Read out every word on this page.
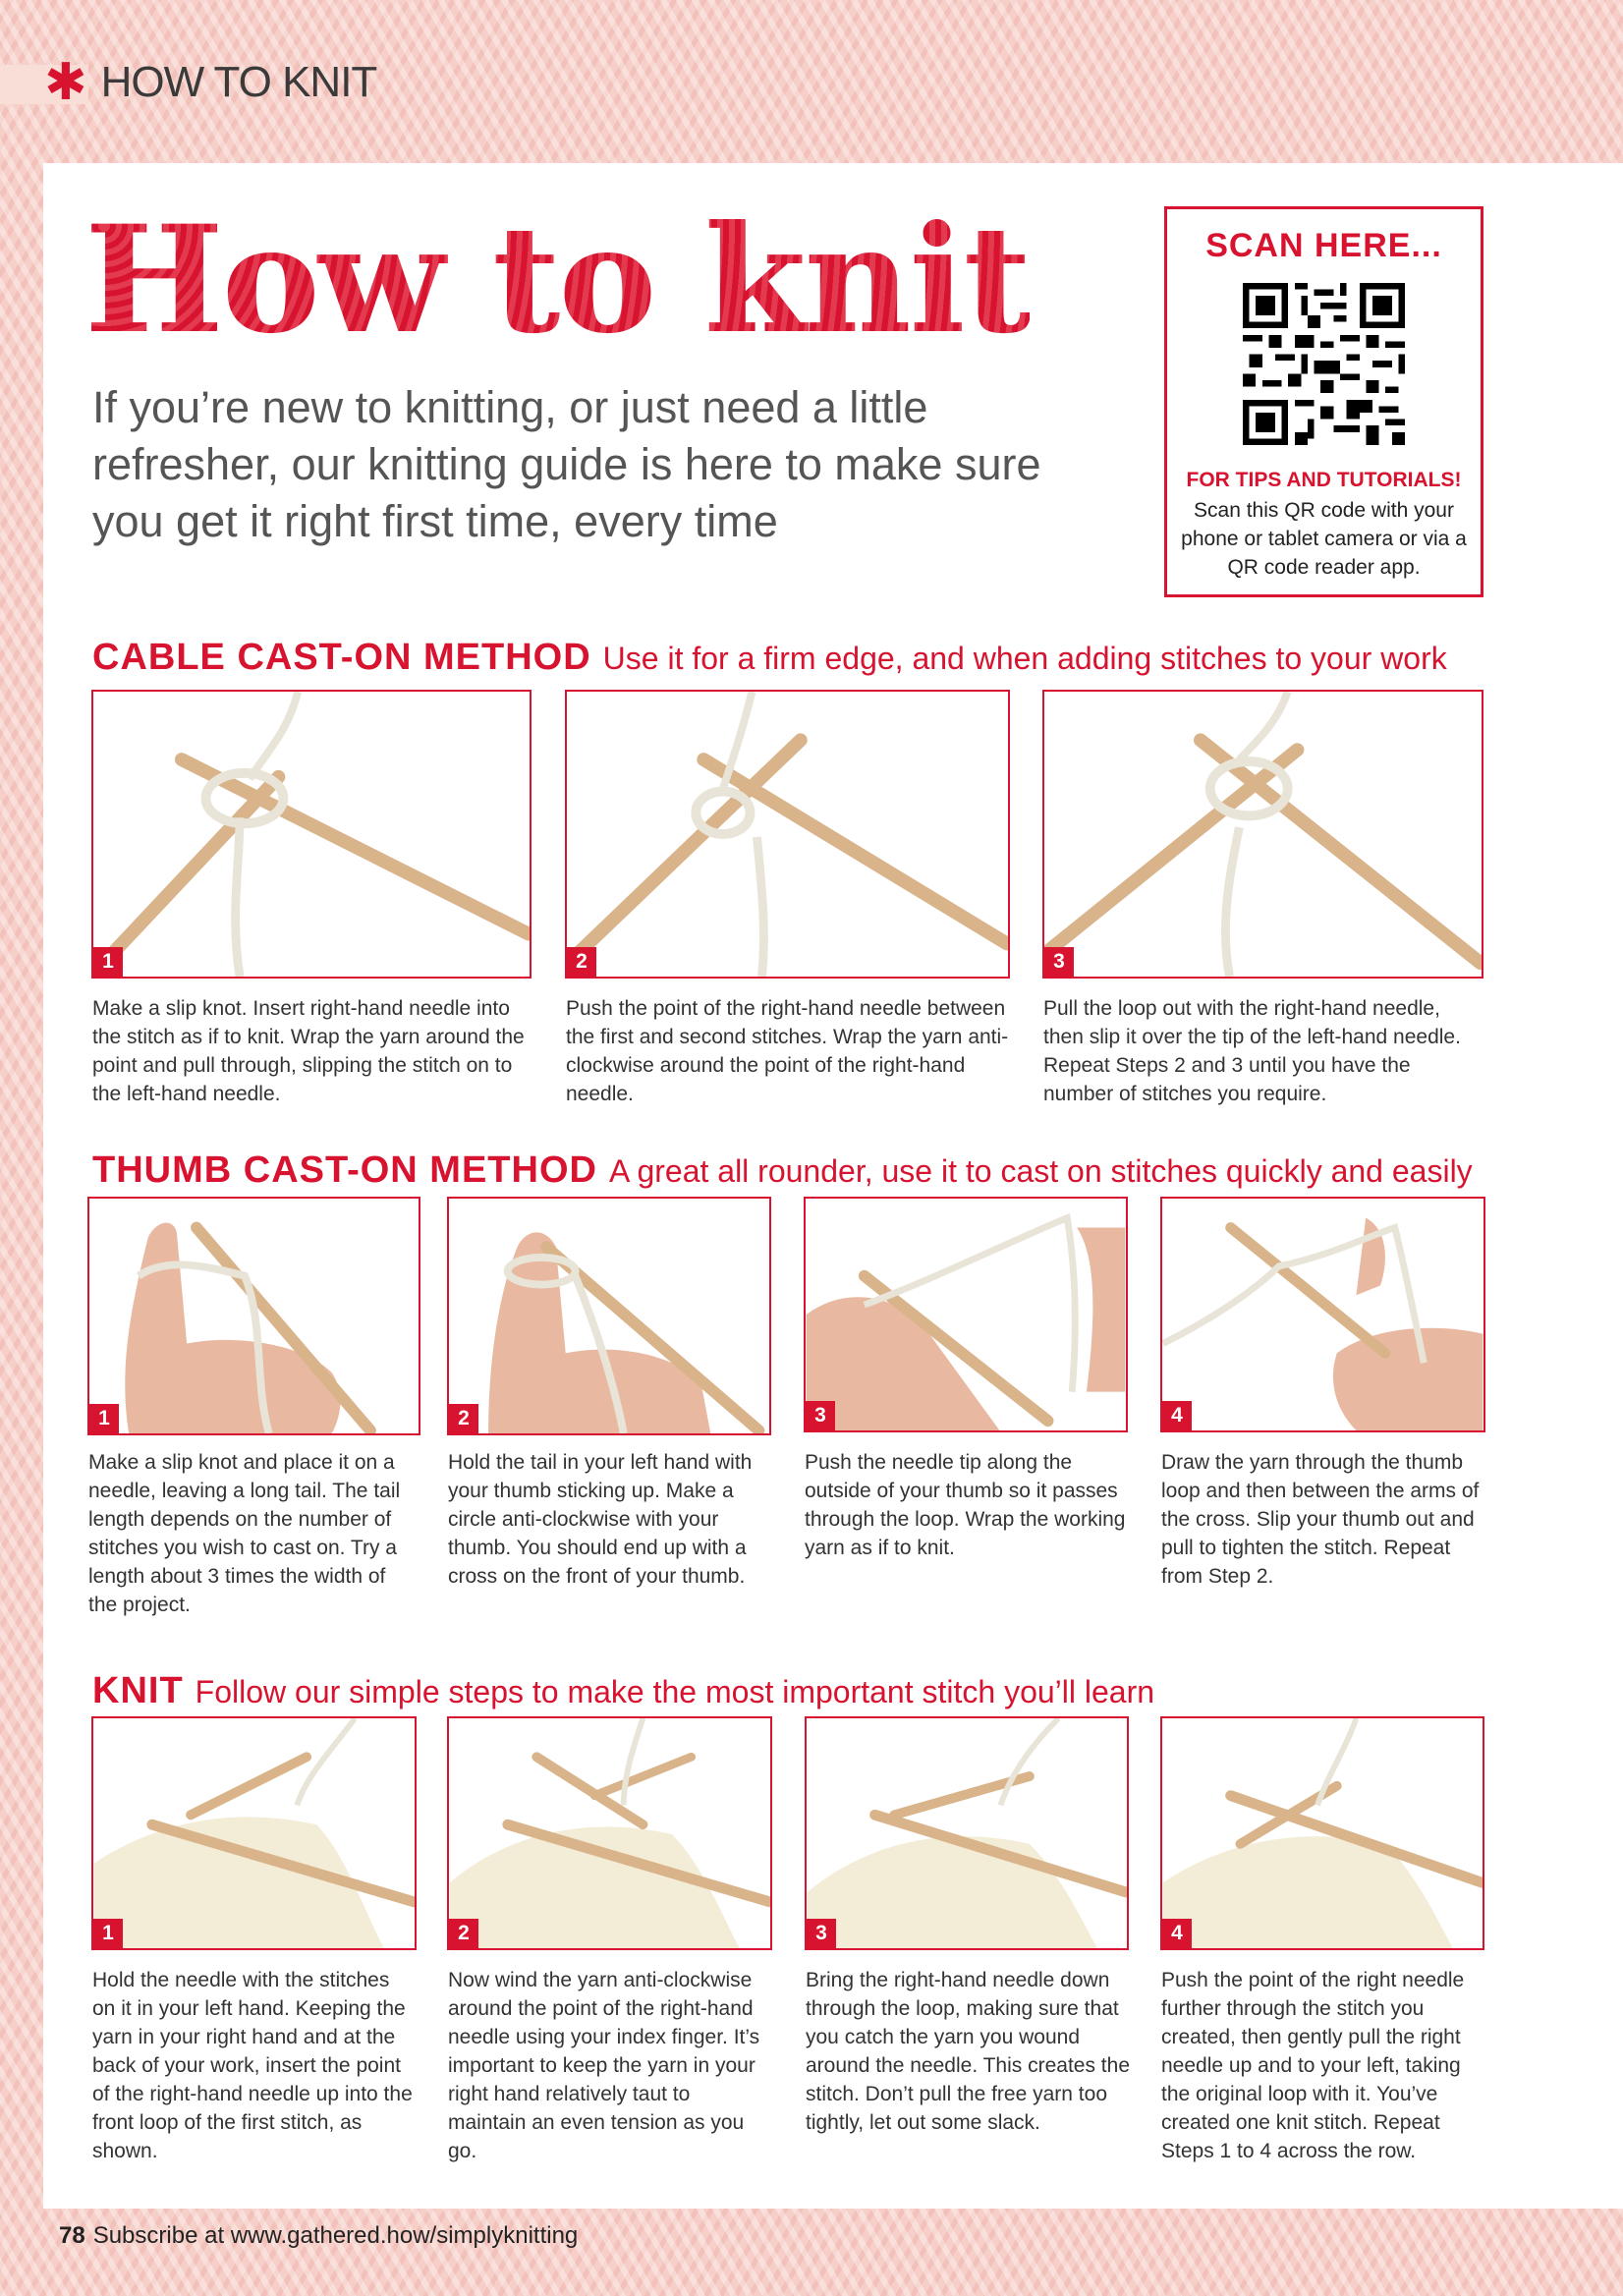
✱ HOW TO KNIT
How to knit
If you’re new to knitting, or just need a little refresher, our knitting guide is here to make sure you get it right first time, every time
SCAN HERE...
FOR TIPS AND TUTORIALS!
Scan this QR code with your phone or tablet camera or via a QR code reader app.
CABLE CAST-ON METHOD Use it for a firm edge, and when adding stitches to your work
1
Make a slip knot. Insert right-hand needle into the stitch as if to knit. Wrap the yarn around the point and pull through, slipping the stitch on to the left-hand needle.
2
Push the point of the right-hand needle between the first and second stitches. Wrap the yarn anti-clockwise around the point of the right-hand needle.
3
Pull the loop out with the right-hand needle, then slip it over the tip of the left-hand needle. Repeat Steps 2 and 3 until you have the number of stitches you require.
THUMB CAST-ON METHOD A great all rounder, use it to cast on stitches quickly and easily
1
Make a slip knot and place it on a needle, leaving a long tail. The tail length depends on the number of stitches you wish to cast on. Try a length about 3 times the width of the project.
2
Hold the tail in your left hand with your thumb sticking up. Make a circle anti-clockwise with your thumb. You should end up with a cross on the front of your thumb.
3
Push the needle tip along the outside of your thumb so it passes through the loop. Wrap the working yarn as if to knit.
4
Draw the yarn through the thumb loop and then between the arms of the cross. Slip your thumb out and pull to tighten the stitch. Repeat from Step 2.
KNIT Follow our simple steps to make the most important stitch you’ll learn
1
Hold the needle with the stitches on it in your left hand. Keeping the yarn in your right hand and at the back of your work, insert the point of the right-hand needle up into the front loop of the first stitch, as shown.
2
Now wind the yarn anti-clockwise around the point of the right-hand needle using your index finger. It’s important to keep the yarn in your right hand relatively taut to maintain an even tension as you go.
3
Bring the right-hand needle down through the loop, making sure that you catch the yarn you wound around the needle. This creates the stitch. Don’t pull the free yarn too tightly, let out some slack.
4
Push the point of the right needle further through the stitch you created, then gently pull the right needle up and to your left, taking the original loop with it. You’ve created one knit stitch. Repeat Steps 1 to 4 across the row.
78 Subscribe at www.gathered.how/simplyknitting
